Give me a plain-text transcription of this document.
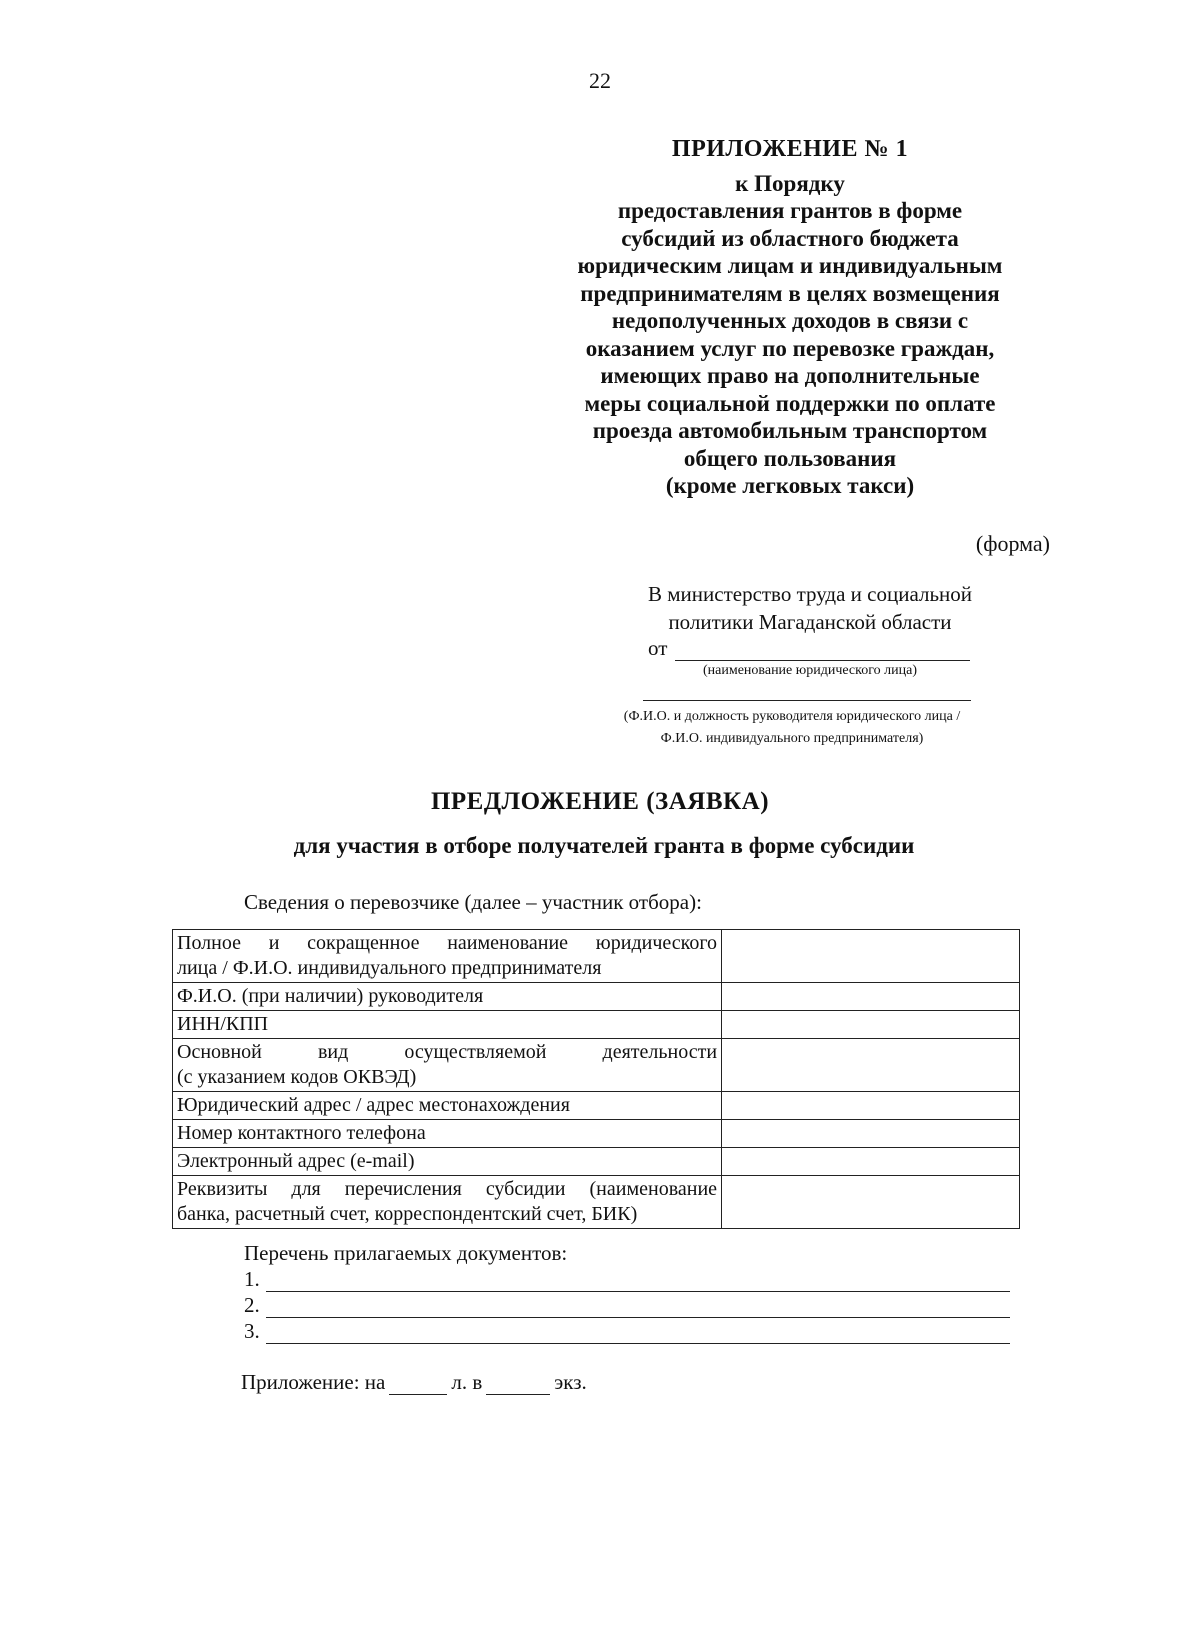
22
ПРИЛОЖЕНИЕ № 1
к Порядку
предоставления грантов в форме
субсидий из областного бюджета
юридическим лицам и индивидуальным
предпринимателям в целях возмещения
недополученных доходов в связи с
оказанием услуг по перевозке граждан,
имеющих право на дополнительные
меры социальной поддержки по оплате
проезда автомобильным транспортом
общего пользования
(кроме легковых такси)
(форма)
В министерство труда и социальной
политики Магаданской области
от
(наименование юридического лица)
(Ф.И.О. и должность руководителя юридического лица /
Ф.И.О. индивидуального предпринимателя)
ПРЕДЛОЖЕНИЕ (ЗАЯВКА)
для участия в отборе получателей гранта в форме субсидии
Сведения о перевозчике (далее – участник отбора):
Полное и сокращенное наименование юридического
лица / Ф.И.О. индивидуального предпринимателя	
Ф.И.О. (при наличии) руководителя	
ИНН/КПП	

Основной вид осуществляемой деятельности
(с указанием кодов ОКВЭД)	
Юридический адрес / адрес местонахождения	
Номер контактного телефона	
Электронный адрес (e-mail)	

Реквизиты для перечисления субсидии (наименование
банка, расчетный счет, корреспондентский счет, БИК)	
Перечень прилагаемых документов:
1.
2.
3.
Приложение: на	л. в	экз.
